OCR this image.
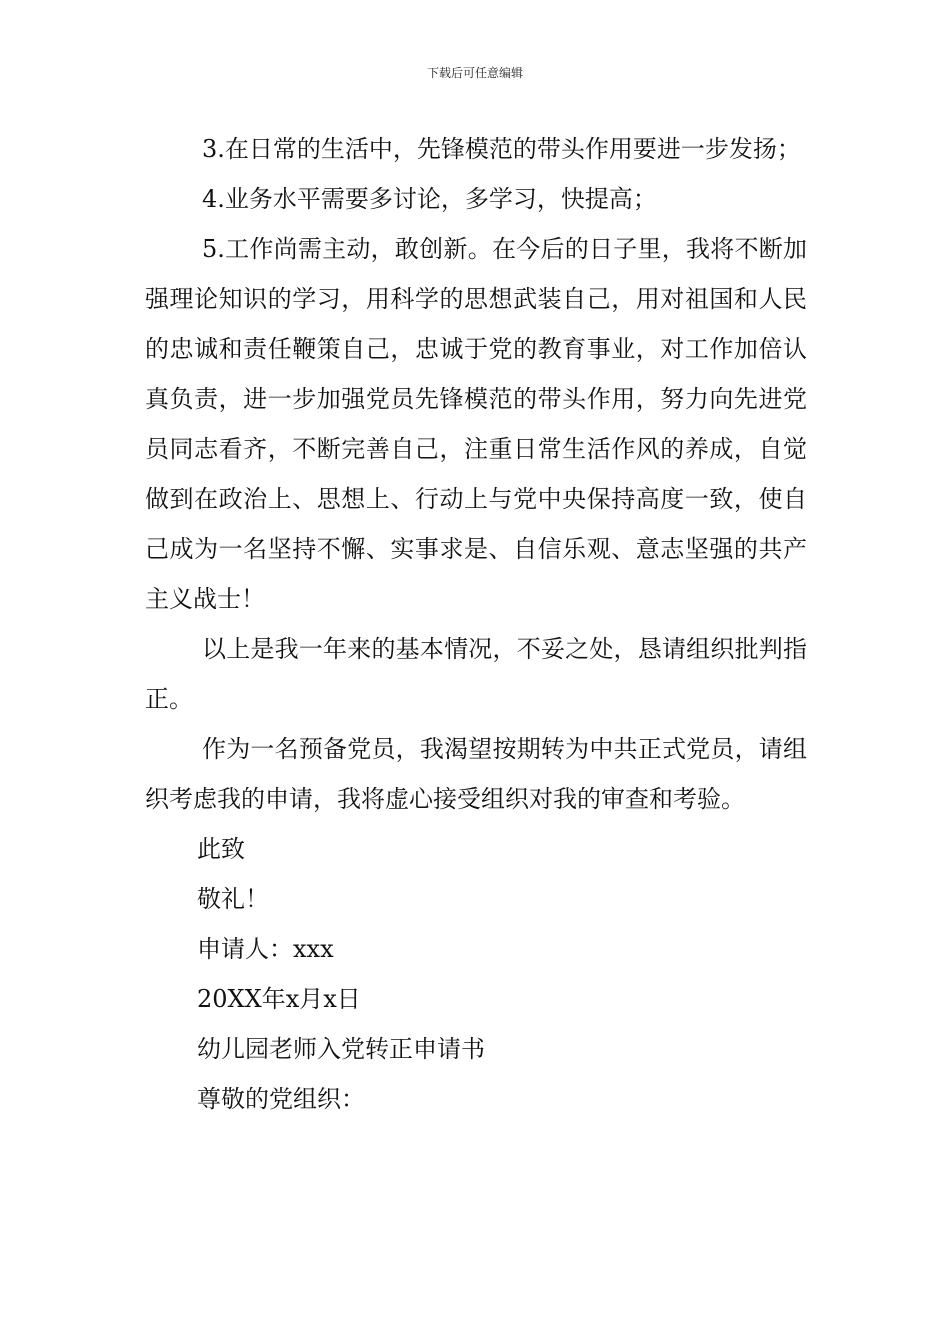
下载后可任意编辑

3.在日常的生活中，先锋模范的带头作用要进一步发扬；

4.业务水平需要多讨论，多学习，快提高；

5.工作尚需主动，敢创新。在今后的日子里，我将不断加强理论知识的学习，用科学的思想武装自己，用对祖国和人民的忠诚和责任鞭策自己，忠诚于党的教育事业，对工作加倍认真负责，进一步加强党员先锋模范的带头作用，努力向先进党员同志看齐，不断完善自己，注重日常生活作风的养成，自觉做到在政治上、思想上、行动上与党中央保持高度一致，使自己成为一名坚持不懈、实事求是、自信乐观、意志坚强的共产主义战士！

以上是我一年来的基本情况，不妥之处，恳请组织批判指正。

作为一名预备党员，我渴望按期转为中共正式党员，请组织考虑我的申请，我将虚心接受组织对我的审查和考验。

此致

敬礼！

申请人：xxx

20XX年x月x日

幼儿园老师入党转正申请书

尊敬的党组织：
